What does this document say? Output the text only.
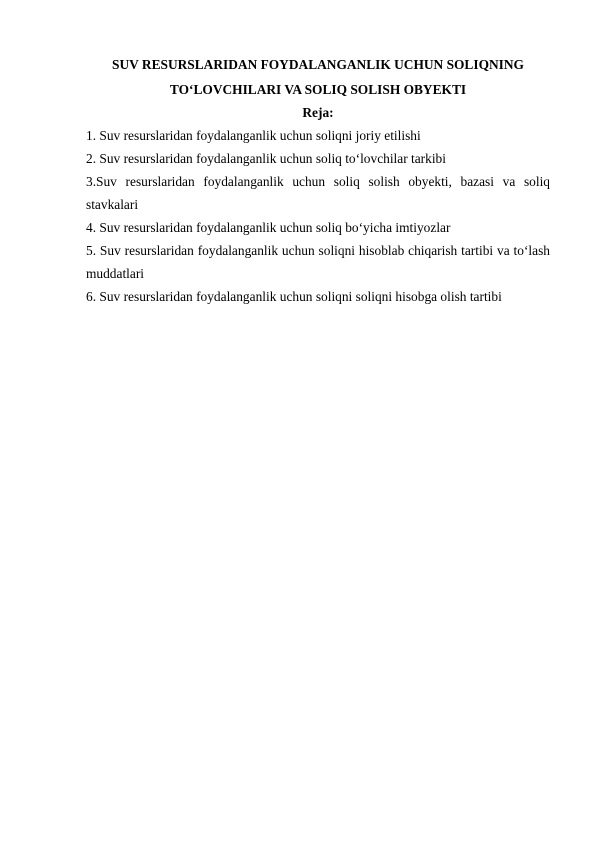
SUV RESURSLARIDAN FOYDALANGANLIK UCHUN SOLIQNING
TO‘LOVCHILARI VA SOLIQ SOLISH OBYEKTI

Reja:

1. Suv resurslaridan foydalanganlik uchun soliqni joriy etilishi
2. Suv resurslaridan foydalanganlik uchun soliq to‘lovchilar tarkibi
3.Suv resurslaridan foydalanganlik uchun soliq solish obyekti, bazasi va soliq stavkalari
4. Suv resurslaridan foydalanganlik uchun soliq bo‘yicha imtiyozlar
5. Suv resurslaridan foydalanganlik uchun soliqni hisoblab chiqarish tartibi va to‘lash muddatlari
6. Suv resurslaridan foydalanganlik uchun soliqni soliqni hisobga olish tartibi
